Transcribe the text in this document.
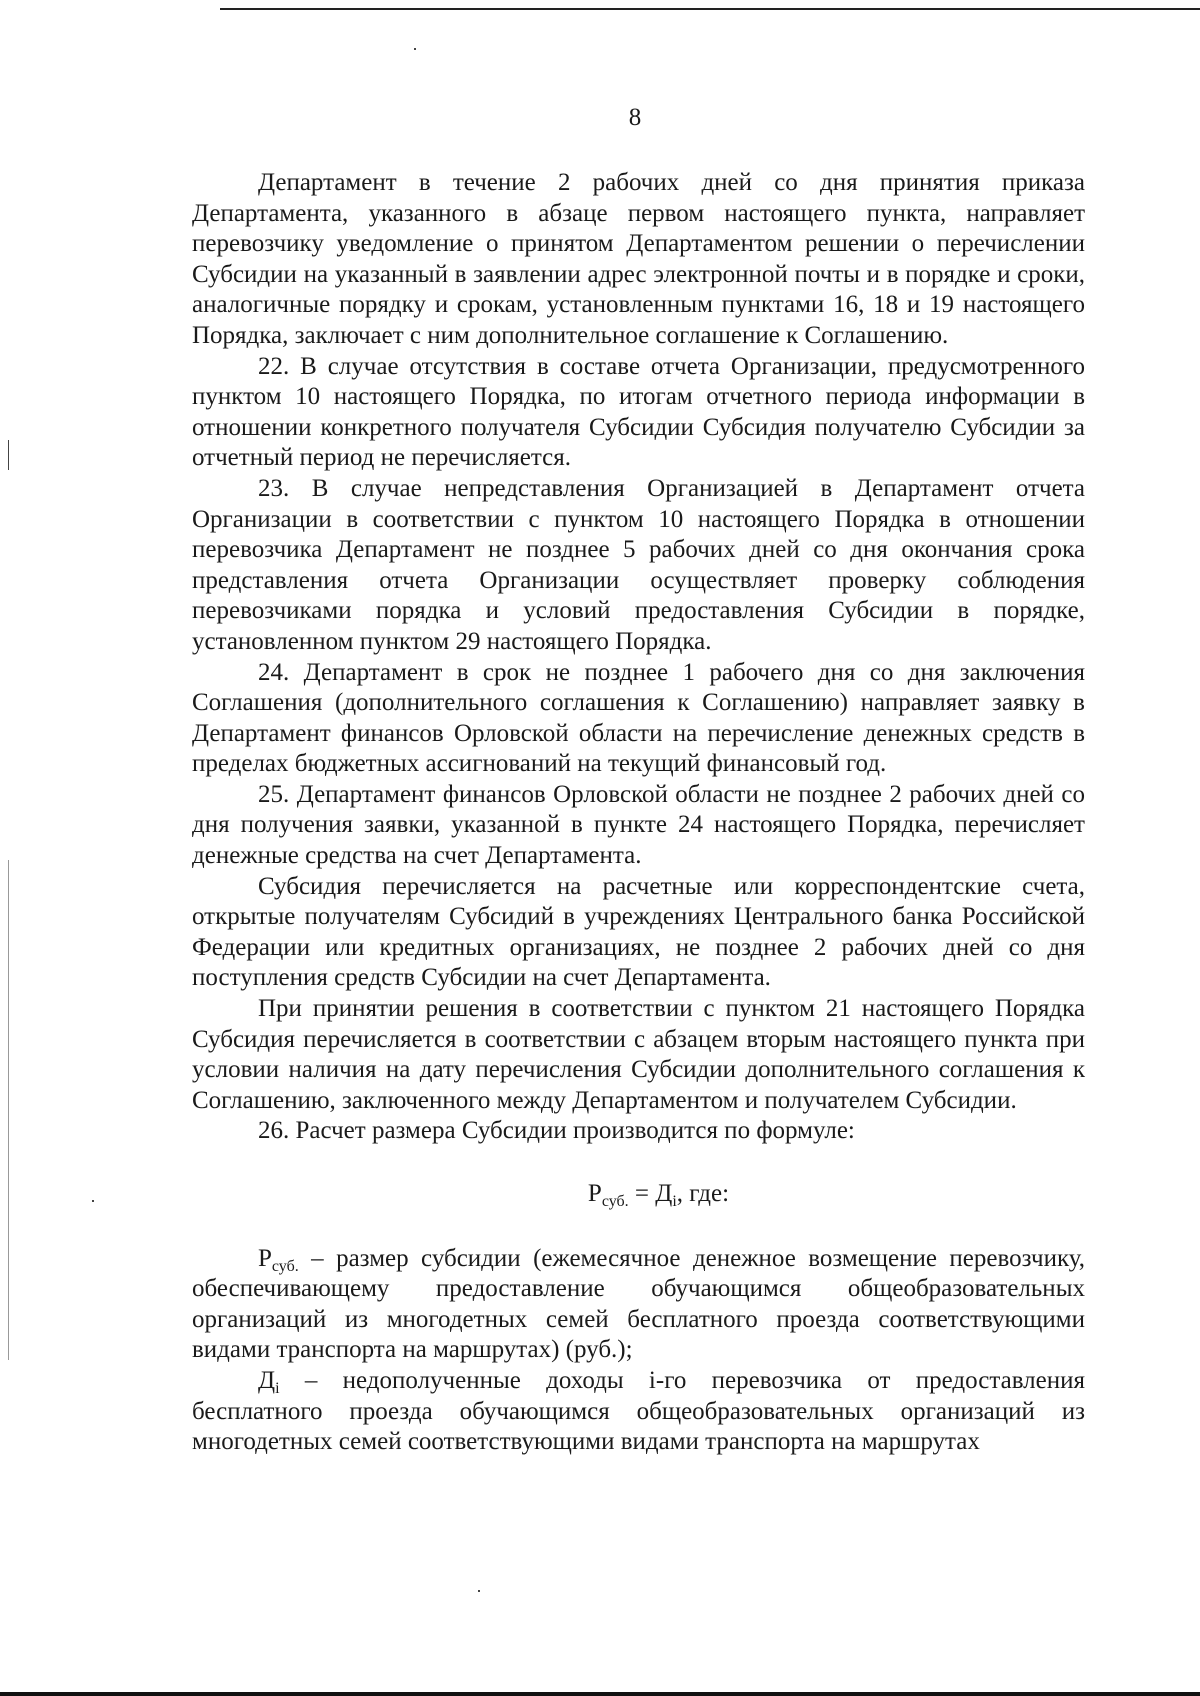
8

Департамент в течение 2 рабочих дней со дня принятия приказа Департамента, указанного в абзаце первом настоящего пункта, направляет перевозчику уведомление о принятом Департаментом решении о перечислении Субсидии на указанный в заявлении адрес электронной почты и в порядке и сроки, аналогичные порядку и срокам, установленным пунктами 16, 18 и 19 настоящего Порядка, заключает с ним дополнительное соглашение к Соглашению.

22. В случае отсутствия в составе отчета Организации, предусмотренного пунктом 10 настоящего Порядка, по итогам отчетного периода информации в отношении конкретного получателя Субсидии Субсидия получателю Субсидии за отчетный период не перечисляется.

23. В случае непредставления Организацией в Департамент отчета Организации в соответствии с пунктом 10 настоящего Порядка в отношении перевозчика Департамент не позднее 5 рабочих дней со дня окончания срока представления отчета Организации осуществляет проверку соблюдения перевозчиками порядка и условий предоставления Субсидии в порядке, установленном пунктом 29 настоящего Порядка.

24. Департамент в срок не позднее 1 рабочего дня со дня заключения Соглашения (дополнительного соглашения к Соглашению) направляет заявку в Департамент финансов Орловской области на перечисление денежных средств в пределах бюджетных ассигнований на текущий финансовый год.

25. Департамент финансов Орловской области не позднее 2 рабочих дней со дня получения заявки, указанной в пункте 24 настоящего Порядка, перечисляет денежные средства на счет Департамента.

Субсидия перечисляется на расчетные или корреспондентские счета, открытые получателям Субсидий в учреждениях Центрального банка Российской Федерации или кредитных организациях, не позднее 2 рабочих дней со дня поступления средств Субсидии на счет Департамента.

При принятии решения в соответствии с пунктом 21 настоящего Порядка Субсидия перечисляется в соответствии с абзацем вторым настоящего пункта при условии наличия на дату перечисления Субсидии дополнительного соглашения к Соглашению, заключенного между Департаментом и получателем Субсидии.

26. Расчет размера Субсидии производится по формуле:

$Р_{суб.} = Д_i$, где:

$Р_{суб.}$ – размер субсидии (ежемесячное денежное возмещение перевозчику, обеспечивающему предоставление обучающимся общеобразовательных организаций из многодетных семей бесплатного проезда соответствующими видами транспорта на маршрутах) (руб.);

$Д_i$ – недополученные доходы i-го перевозчика от предоставления бесплатного проезда обучающимся общеобразовательных организаций из многодетных семей соответствующими видами транспорта на маршрутах
